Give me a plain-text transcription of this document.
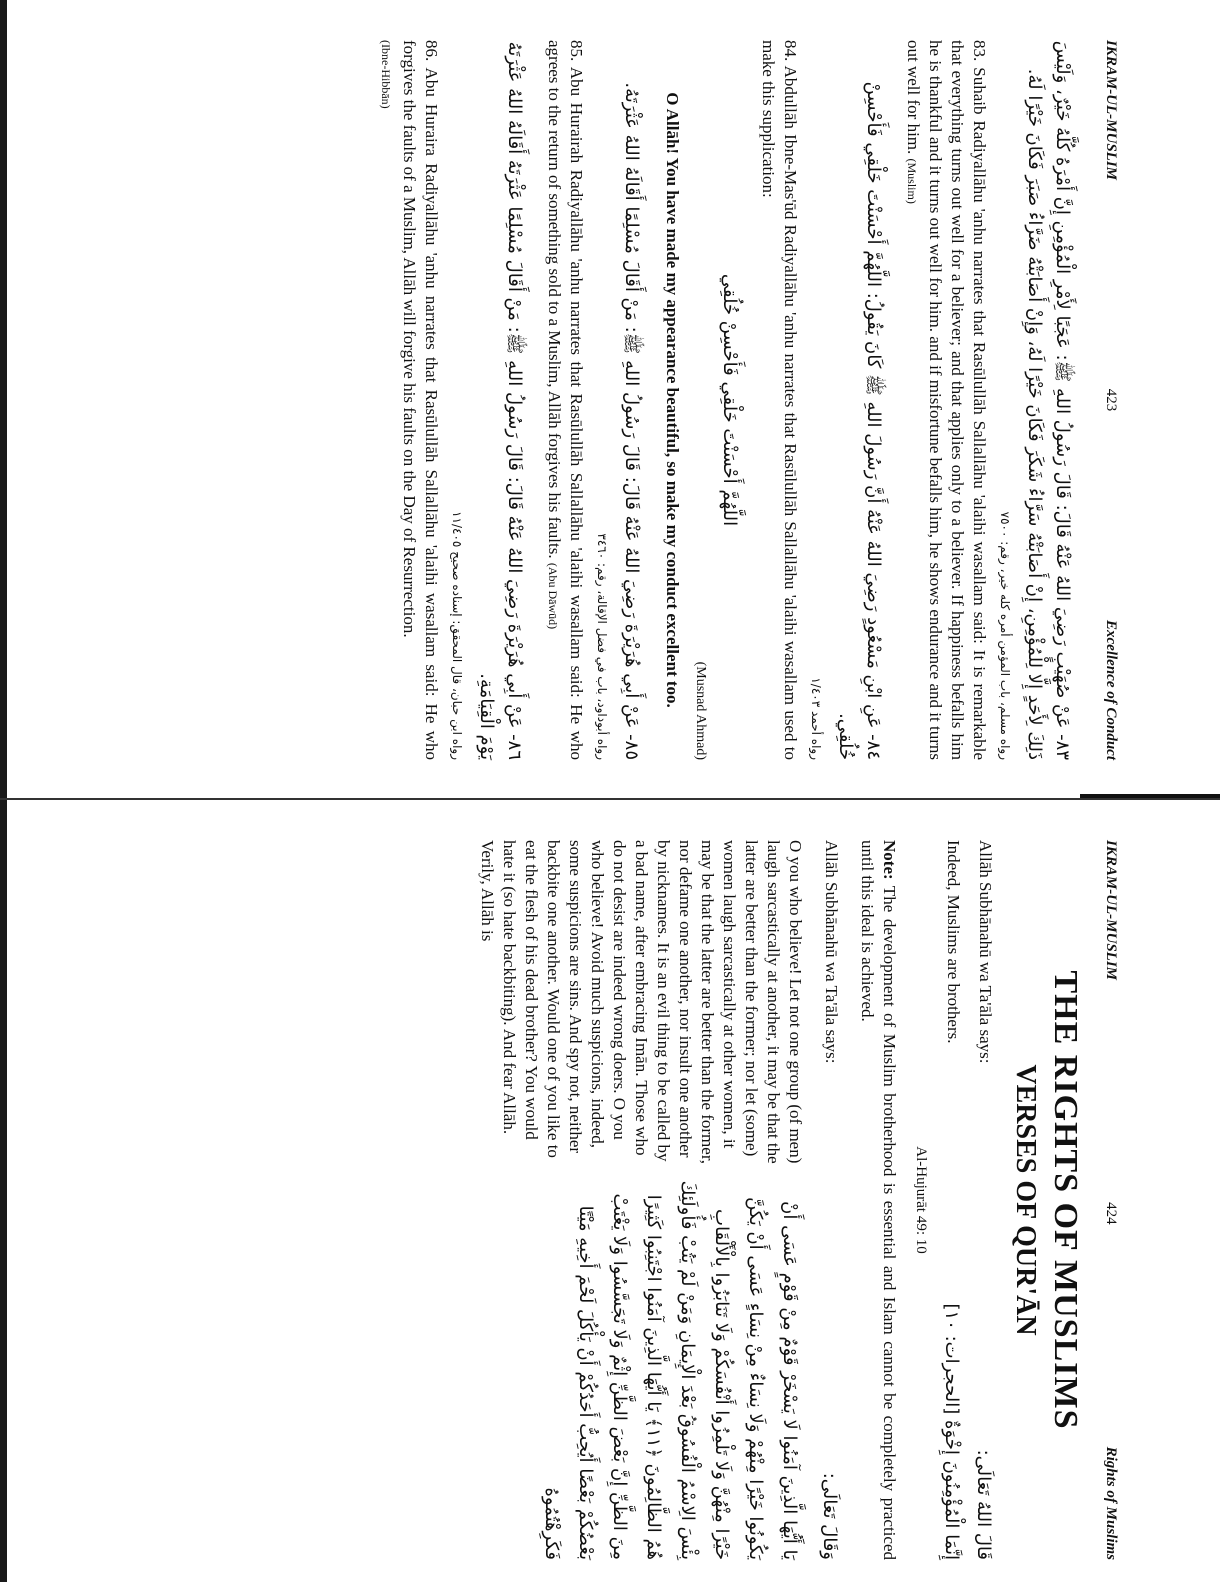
IKRAM-UL-MUSLIM
423
Excellence of Conduct
٨٣- عَنْ صُهَيْبٍ رَضِيَ اللهُ عَنْهُ قَالَ: قَالَ رَسُولُ اللهِ ﷺ: عَجَبًا لِأَمْرِ الْمُؤْمِنِ إِنَّ أَمْرَهُ كُلَّهُ خَيْرٌ، وَلَيْسَ ذَلِكَ لِأَحَدٍ إِلَّا لِلْمُؤْمِنِ، إِنْ أَصَابَتْهُ سَرَّاءُ شَكَرَ فَكَانَ خَيْرًا لَهُ، وَإِنْ أَصَابَتْهُ ضَرَّاءُ صَبَرَ فَكَانَ خَيْرًا لَهُ.
رواه مسلم، باب المؤمن أمره كله خير، رقم: ٧٥٠٠
83. Suhaib Radiyallāhu 'anhu narrates that Rasūlullāh Sallallāhu 'alaihi wasallam said: It is remarkable that everything turns out well for a believer; and that applies only to a believer. If happiness befalls him he is thankful and it turns out well for him. and if misfortune befalls him, he shows endurance and it turns out well for him. (Muslim)
٨٤- عَنِ ابْنِ مَسْعُودٍ رَضِيَ اللهُ عَنْهُ أَنَّ رَسُولَ اللهِ ﷺ كَانَ يَقُولُ: اللَّهُمَّ أَحْسَنْتَ خَلْقِي فَأَحْسِنْ خُلُقِي.
رواه أحمد ١/٤٠٣
84. Abdullāh Ibne-Mas'ūd Radiyallāhu 'anhu narrates that Rasūlullāh Sallallāhu 'alaihi wasallam used to make this supplication:
اللَّهُمَّ أَحْسَنْتَ خَلْقِي فَأَحْسِنْ خُلُقِي
(Musnad Ahmad)
O Allāh! You have made my appearance beautiful, so make my conduct excellent too.
٨٥- عَنْ أَبِي هُرَيْرَةَ رَضِيَ اللهُ عَنْهُ قَالَ: قَالَ رَسُولُ اللهِ ﷺ: مَنْ أَقَالَ مُسْلِمًا أَقَالَهُ اللهُ عَثْرَتَهُ.
رواه أبوداود، باب في فضل الإقالة، رقم: ٣٤٦٠
85. Abu Hurairah Radiyallāhu 'anhu narrates that Rasūlullāh Sallallāhu 'alaihi wasallam said: He who agrees to the return of something sold to a Muslim, Allāh forgives his faults. (Abu Dāwūd)
٨٦- عَنْ أَبِي هُرَيْرَةَ رَضِيَ اللهُ عَنْهُ قَالَ: قَالَ رَسُولُ اللهِ ﷺ: مَنْ أَقَالَ مُسْلِمًا عَثْرَتَهُ أَقَالَهُ اللهُ عَثْرَتَهُ يَوْمَ الْقِيَامَةِ.
رواه ابن حبان، قال المحقق: إسناده صحيح ١١/٤٠٥
86. Abu Huraira Radiyallāhu 'anhu narrates that Rasūlullāh Sallallāhu 'alaihi wasallam said: He who forgives the faults of a Muslim, Allāh will forgive his faults on the Day of Resurrection.
(Ibne-Hibbān)
IKRAM-UL-MUSLIM
424
Rights of Muslims
THE RIGHTS OF MUSLIMS
VERSES OF QUR'ĀN
Allāh Subhānahū wa Ta'āla says:
قَالَ اللهُ تَعَالَى:
Indeed, Muslims are brothers.
إِنَّمَا الْمُؤْمِنُونَ إِخْوَةٌ [الحجرات: ١٠]
Al-Hujurāt 49: 10
Note: The development of Muslim brotherhood is essential and Islam cannot be completely practiced until this ideal is achieved.
Allāh Subhānahū wa Ta'āla says:
وَقَالَ تَعَالَى:
O you who believe! Let not one group (of men) laugh sarcastically at another, it may be that the latter are better than the former; nor let (some) women laugh sarcastically at other women, it may be that the latter are better than the former, nor defame one another, nor insult one another by nicknames. It is an evil thing to be called by a bad name, after embracing Imān. Those who do not desist are indeed wrong doers. O you who believe! Avoid much suspicions, indeed, some suspicions are sins. And spy not, neither backbite one another. Would one of you like to eat the flesh of his dead brother? You would hate it (so hate backbiting). And fear Allāh. Verily, Allāh is
يَا أَيُّهَا الَّذِينَ آمَنُوا لَا يَسْخَرْ قَوْمٌ مِنْ قَوْمٍ عَسَى أَنْ يَكُونُوا خَيْرًا مِنْهُمْ وَلَا نِسَاءٌ مِنْ نِسَاءٍ عَسَى أَنْ يَكُنَّ خَيْرًا مِنْهُنَّ وَلَا تَلْمِزُوا أَنْفُسَكُمْ وَلَا تَنَابَزُوا بِالْأَلْقَابِ بِئْسَ الِاسْمُ الْفُسُوقُ بَعْدَ الْإِيمَانِ وَمَنْ لَمْ يَتُبْ فَأُولَئِكَ هُمُ الظَّالِمُونَ ﴿١١﴾ يَا أَيُّهَا الَّذِينَ آمَنُوا اجْتَنِبُوا كَثِيرًا مِنَ الظَّنِّ إِنَّ بَعْضَ الظَّنِّ إِثْمٌ وَلَا تَجَسَّسُوا وَلَا يَغْتَبْ بَعْضُكُمْ بَعْضًا أَيُحِبُّ أَحَدُكُمْ أَنْ يَأْكُلَ لَحْمَ أَخِيهِ مَيْتًا فَكَرِهْتُمُوهُ
